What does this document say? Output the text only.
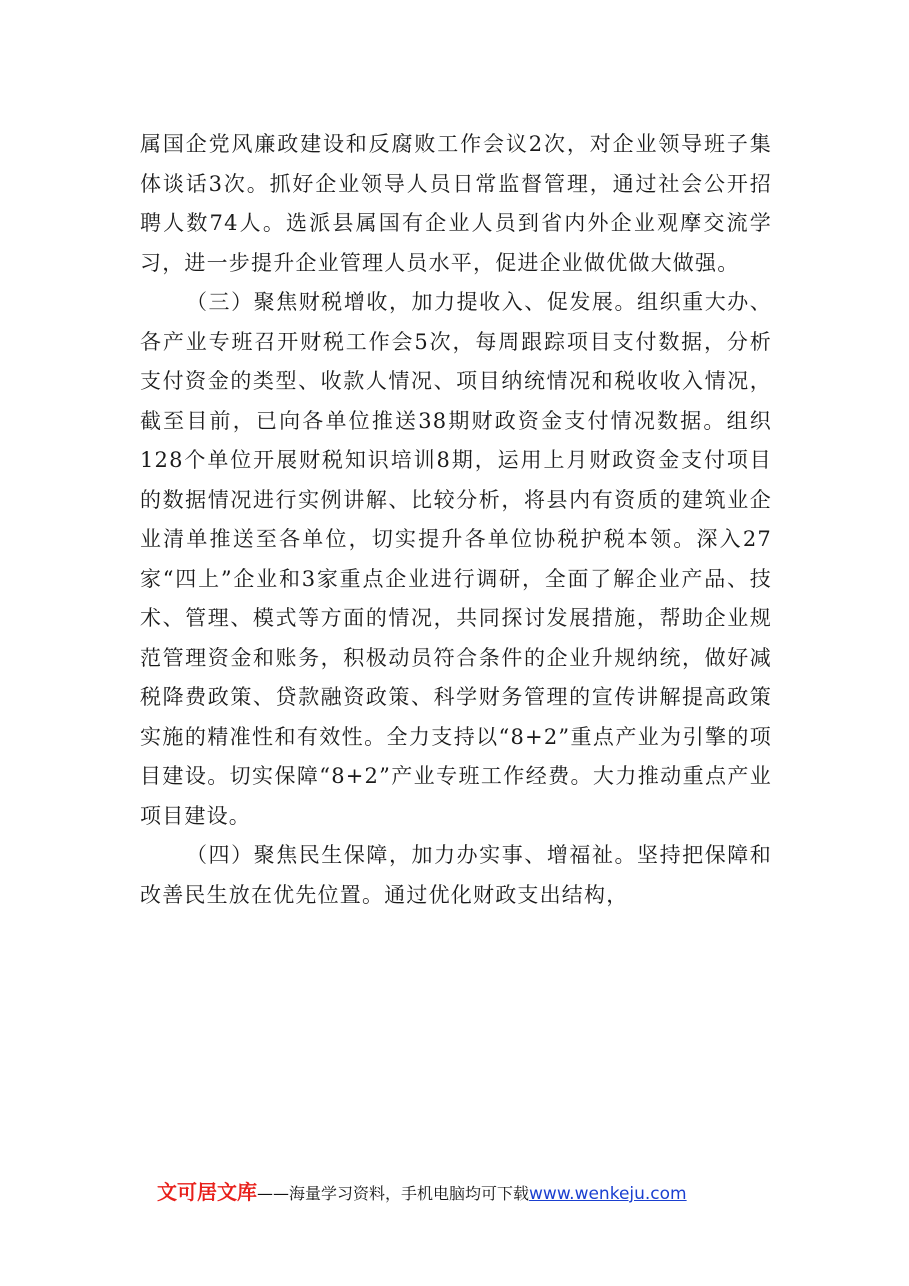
属国企党风廉政建设和反腐败工作会议2次，对企业领导班子集体谈话3次。抓好企业领导人员日常监督管理，通过社会公开招聘人数74人。选派县属国有企业人员到省内外企业观摩交流学习，进一步提升企业管理人员水平，促进企业做优做大做强。

（三）聚焦财税增收，加力提收入、促发展。组织重大办、各产业专班召开财税工作会5次，每周跟踪项目支付数据，分析支付资金的类型、收款人情况、项目纳统情况和税收收入情况，截至目前，已向各单位推送38期财政资金支付情况数据。组织128个单位开展财税知识培训8期，运用上月财政资金支付项目的数据情况进行实例讲解、比较分析，将县内有资质的建筑业企业清单推送至各单位，切实提升各单位协税护税本领。深入27家“四上”企业和3家重点企业进行调研，全面了解企业产品、技术、管理、模式等方面的情况，共同探讨发展措施，帮助企业规范管理资金和账务，积极动员符合条件的企业升规纳统，做好减税降费政策、贷款融资政策、科学财务管理的宣传讲解提高政策实施的精准性和有效性。全力支持以“8+2”重点产业为引擎的项目建设。切实保障“8+2”产业专班工作经费。大力推动重点产业项目建设。

（四）聚焦民生保障，加力办实事、增福祉。坚持把保障和改善民生放在优先位置。通过优化财政支出结构，

文可居文库 ——海量学习资料，手机电脑均可下载 www.wenkeju.com
